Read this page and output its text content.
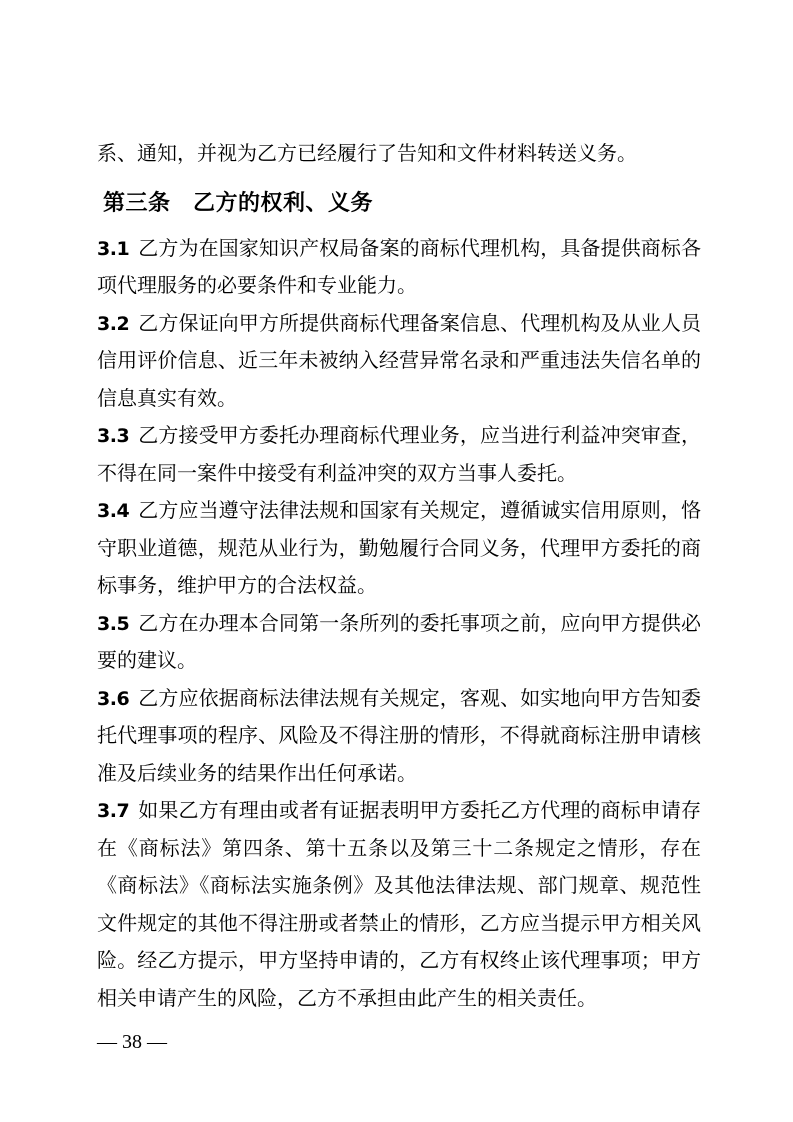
系、通知，并视为乙方已经履行了告知和文件材料转送义务。

第三条　乙方的权利、义务

3.1 乙方为在国家知识产权局备案的商标代理机构，具备提供商标各项代理服务的必要条件和专业能力。

3.2 乙方保证向甲方所提供商标代理备案信息、代理机构及从业人员信用评价信息、近三年未被纳入经营异常名录和严重违法失信名单的信息真实有效。

3.3 乙方接受甲方委托办理商标代理业务，应当进行利益冲突审查，不得在同一案件中接受有利益冲突的双方当事人委托。

3.4 乙方应当遵守法律法规和国家有关规定，遵循诚实信用原则，恪守职业道德，规范从业行为，勤勉履行合同义务，代理甲方委托的商标事务，维护甲方的合法权益。

3.5 乙方在办理本合同第一条所列的委托事项之前，应向甲方提供必要的建议。

3.6 乙方应依据商标法律法规有关规定，客观、如实地向甲方告知委托代理事项的程序、风险及不得注册的情形，不得就商标注册申请核准及后续业务的结果作出任何承诺。

3.7 如果乙方有理由或者有证据表明甲方委托乙方代理的商标申请存在《商标法》第四条、第十五条以及第三十二条规定之情形，存在《商标法》《商标法实施条例》及其他法律法规、部门规章、规范性文件规定的其他不得注册或者禁止的情形，乙方应当提示甲方相关风险。经乙方提示，甲方坚持申请的，乙方有权终止该代理事项；甲方相关申请产生的风险，乙方不承担由此产生的相关责任。

— 38 —
